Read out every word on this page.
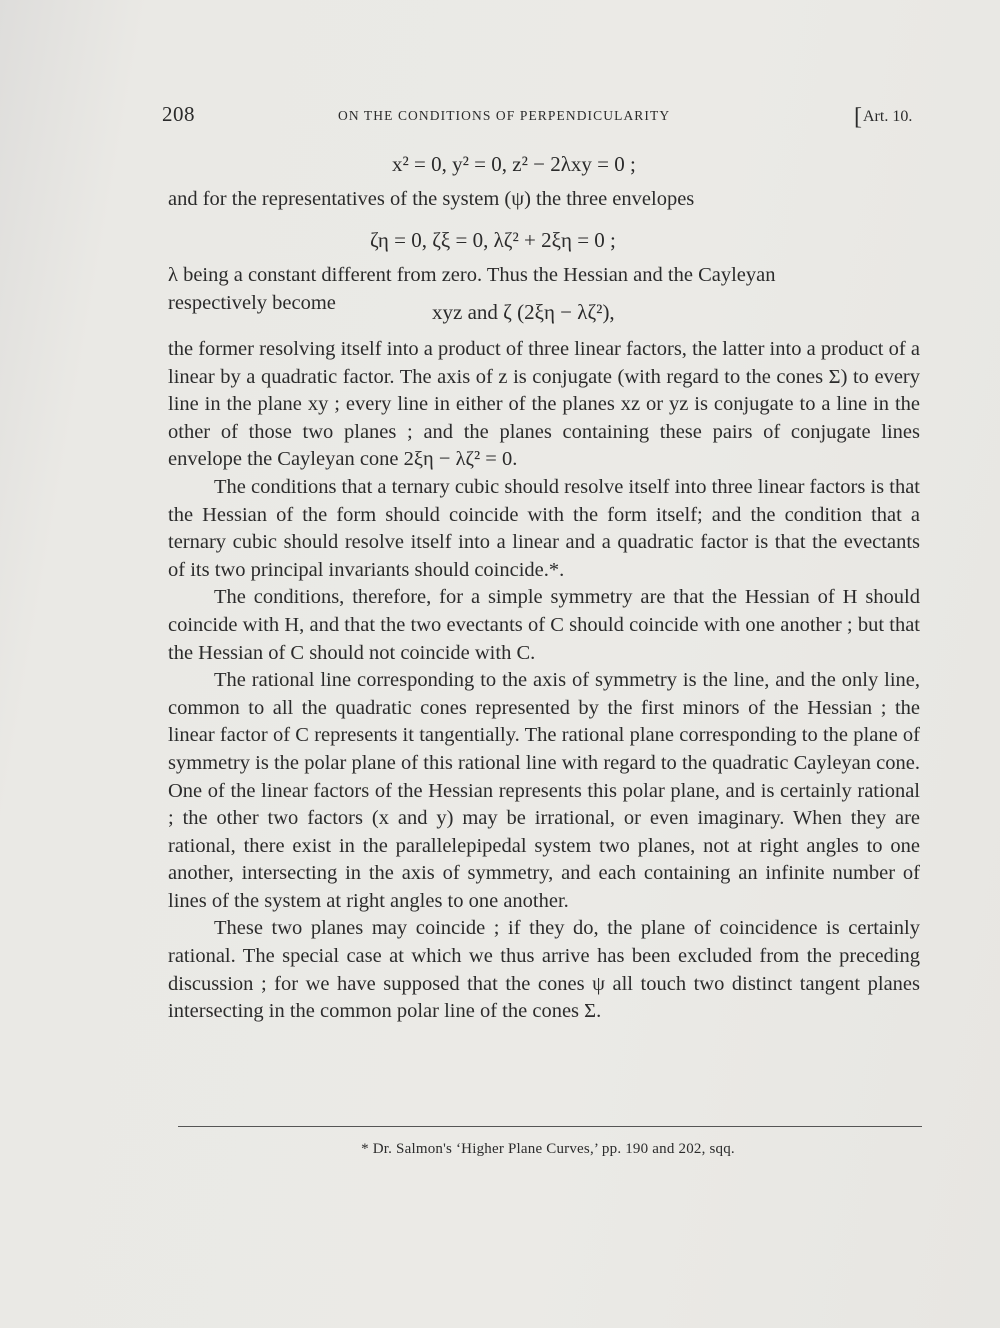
208	ON THE CONDITIONS OF PERPENDICULARITY	[Art. 10.
x² = 0, y² = 0, z² − 2λxy = 0 ;

and for the representatives of the system (ψ) the three envelopes

ζη = 0, ζξ = 0, λζ² + 2ξη = 0 ;

λ being a constant different from zero. Thus the Hessian and the Cayleyan

respectively become	xyz and ζ (2ξη − λζ²),

the former resolving itself into a product of three linear factors, the latter into a product of a linear by a quadratic factor. The axis of z is conjugate (with regard to the cones Σ) to every line in the plane xy ; every line in either of the planes xz or yz is conjugate to a line in the other of those two planes ; and the planes containing these pairs of conjugate lines envelope the Cayleyan cone 2ξη − λζ² = 0.

The conditions that a ternary cubic should resolve itself into three linear factors is that the Hessian of the form should coincide with the form itself; and the condition that a ternary cubic should resolve itself into a linear and a quadratic factor is that the evectants of its two principal invariants should coincide.*.

The conditions, therefore, for a simple symmetry are that the Hessian of H should coincide with H, and that the two evectants of C should coincide with one another ; but that the Hessian of C should not coincide with C.

The rational line corresponding to the axis of symmetry is the line, and the only line, common to all the quadratic cones represented by the first minors of the Hessian ; the linear factor of C represents it tangentially. The rational plane corresponding to the plane of symmetry is the polar plane of this rational line with regard to the quadratic Cayleyan cone. One of the linear factors of the Hessian represents this polar plane, and is certainly rational ; the other two factors (x and y) may be irrational, or even imaginary. When they are rational, there exist in the parallelepipedal system two planes, not at right angles to one another, intersecting in the axis of symmetry, and each containing an infinite number of lines of the system at right angles to one another.

These two planes may coincide ; if they do, the plane of coincidence is certainly rational. The special case at which we thus arrive has been excluded from the preceding discussion ; for we have supposed that the cones ψ all touch two distinct tangent planes intersecting in the common polar line of the cones Σ.

* Dr. Salmon's ‘Higher Plane Curves,’ pp. 190 and 202, sqq.
